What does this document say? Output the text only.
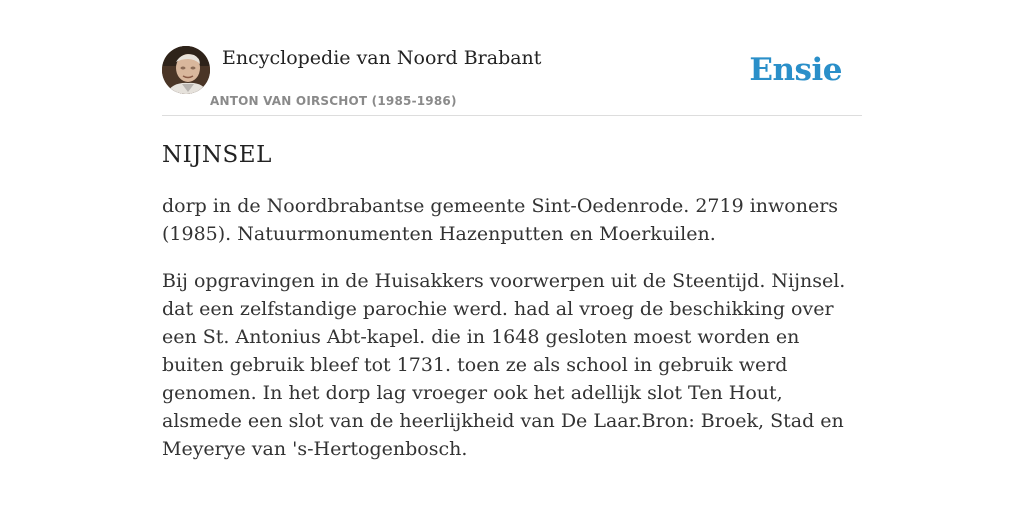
Encyclopedie van Noord Brabant
ANTON VAN OIRSCHOT (1985-1986)
Ensie
NIJNSEL

dorp in de Noordbrabantse gemeente Sint-Oedenrode. 2719 inwoners (1985). Natuurmonumenten Hazenputten en Moerkuilen.

Bij opgravingen in de Huisakkers voorwerpen uit de Steentijd. Nijnsel. dat een zelfstandige parochie werd. had al vroeg de beschikking over een St. Antonius Abt-kapel. die in 1648 gesloten moest worden en buiten gebruik bleef tot 1731. toen ze als school in gebruik werd genomen. In het dorp lag vroeger ook het adellijk slot Ten Hout, alsmede een slot van de heerlijkheid van De Laar.Bron: Broek, Stad en Meyerye van 's-Hertogenbosch.
